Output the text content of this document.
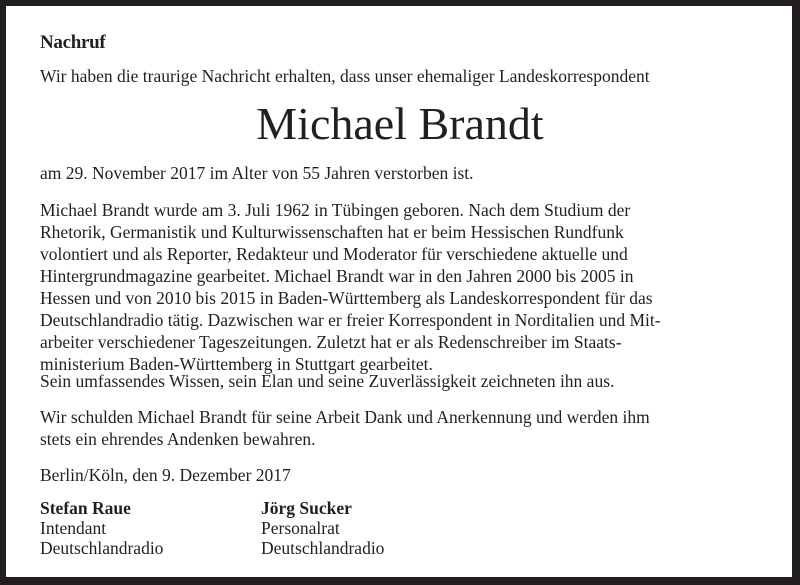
Nachruf
Wir haben die traurige Nachricht erhalten, dass unser ehemaliger Landeskorrespondent
Michael Brandt
am 29. November 2017 im Alter von 55 Jahren verstorben ist.
Michael Brandt wurde am 3. Juli 1962 in Tübingen geboren. Nach dem Studium der
Rhetorik, Germanistik und Kulturwissenschaften hat er beim Hessischen Rundfunk
volontiert und als Reporter, Redakteur und Moderator für verschiedene aktuelle und
Hintergrundmagazine gearbeitet. Michael Brandt war in den Jahren 2000 bis 2005 in
Hessen und von 2010 bis 2015 in Baden-Württemberg als Landeskorrespondent für das
Deutschlandradio tätig. Dazwischen war er freier Korrespondent in Norditalien und Mit-
arbeiter verschiedener Tageszeitungen. Zuletzt hat er als Redenschreiber im Staats-
ministerium Baden-Württemberg in Stuttgart gearbeitet.
Sein umfassendes Wissen, sein Elan und seine Zuverlässigkeit zeichneten ihn aus.
Wir schulden Michael Brandt für seine Arbeit Dank und Anerkennung und werden ihm
stets ein ehrendes Andenken bewahren.
Berlin/Köln, den 9. Dezember 2017
Stefan Raue
Intendant
Deutschlandradio
Jörg Sucker
Personalrat
Deutschlandradio
